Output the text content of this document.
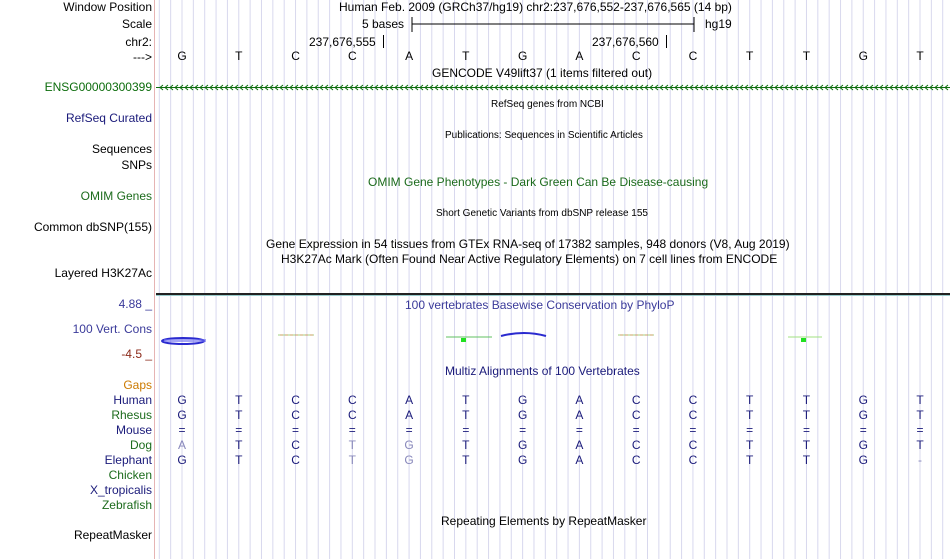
Window Position	Human Feb. 2009 (GRCh37/hg19) chr2:237,676,552-237,676,565 (14 bp)
Scale	5 bases	hg19
chr2:	237,676,555	237,676,560
--->	G	T	C	C	A	T	G	A	C	C	T	T	G	T
GENCODE V49lift37 (1 items filtered out)
ENSG00000300399
RefSeq genes from NCBI
RefSeq Curated
Publications: Sequences in Scientific Articles
Sequences
SNPs
OMIM Gene Phenotypes - Dark Green Can Be Disease-causing
OMIM Genes
Short Genetic Variants from dbSNP release 155
Common dbSNP(155)
Gene Expression in 54 tissues from GTEx RNA-seq of 17382 samples, 948 donors (V8, Aug 2019)
H3K27Ac Mark (Often Found Near Active Regulatory Elements) on 7 cell lines from ENCODE
Layered H3K27Ac
100 vertebrates Basewise Conservation by PhyloP
4.88 _
100 Vert. Cons
-4.5 _
Multiz Alignments of 100 Vertebrates
Gaps
Human	G	T	C	C	A	T	G	A	C	C	T	T	G	T
Rhesus	G	T	C	C	A	T	G	A	C	C	T	T	G	T
Mouse	=	=	=	=	=	=	=	=	=	=	=	=	=	=
Dog	A	T	C	T	G	T	G	A	C	C	T	T	G	T
Elephant	G	T	C	T	G	T	G	A	C	C	T	T	G	-
Chicken
X_tropicalis
Zebrafish
Repeating Elements by RepeatMasker
RepeatMasker
